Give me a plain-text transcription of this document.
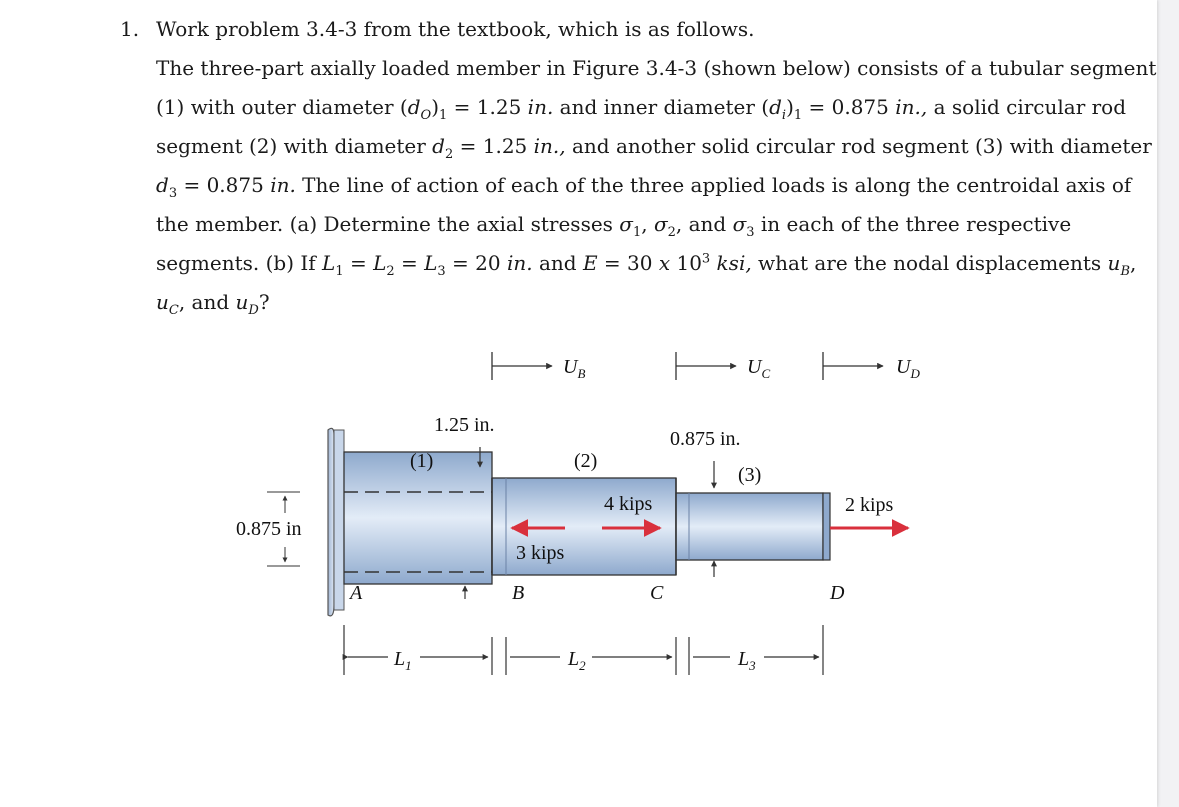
1. Work problem 3.4-3 from the textbook, which is as follows.
The three-part axially loaded member in Figure 3.4-3 (shown below) consists of a tubular segment
(1) with outer diameter $(d_O)_1 = 1.25$ in. and inner diameter $(d_i)_1 = 0.875$ in., a solid circular rod
segment (2) with diameter $d_2 = 1.25$ in., and another solid circular rod segment (3) with diameter
$d_3 = 0.875$ in. The line of action of each of the three applied loads is along the centroidal axis of
the member. (a) Determine the axial stresses $\sigma_1$, $\sigma_2$, and $\sigma_3$ in each of the three respective
segments. (b) If $L_1 = L_2 = L_3 = 20$ in. and E = 30 x $10^3$ ksi, what are the nodal displacements $u_B$,
$u_C$, and $u_D$?
$U_B$	$U_C$	$U_D$
1.25 in.
0.875 in.
0.875 in
(1)	(2)
(3)
4 kips
3 kips
2 kips
A	B	C	D
$L_1$	$L_2$	$L_3$
